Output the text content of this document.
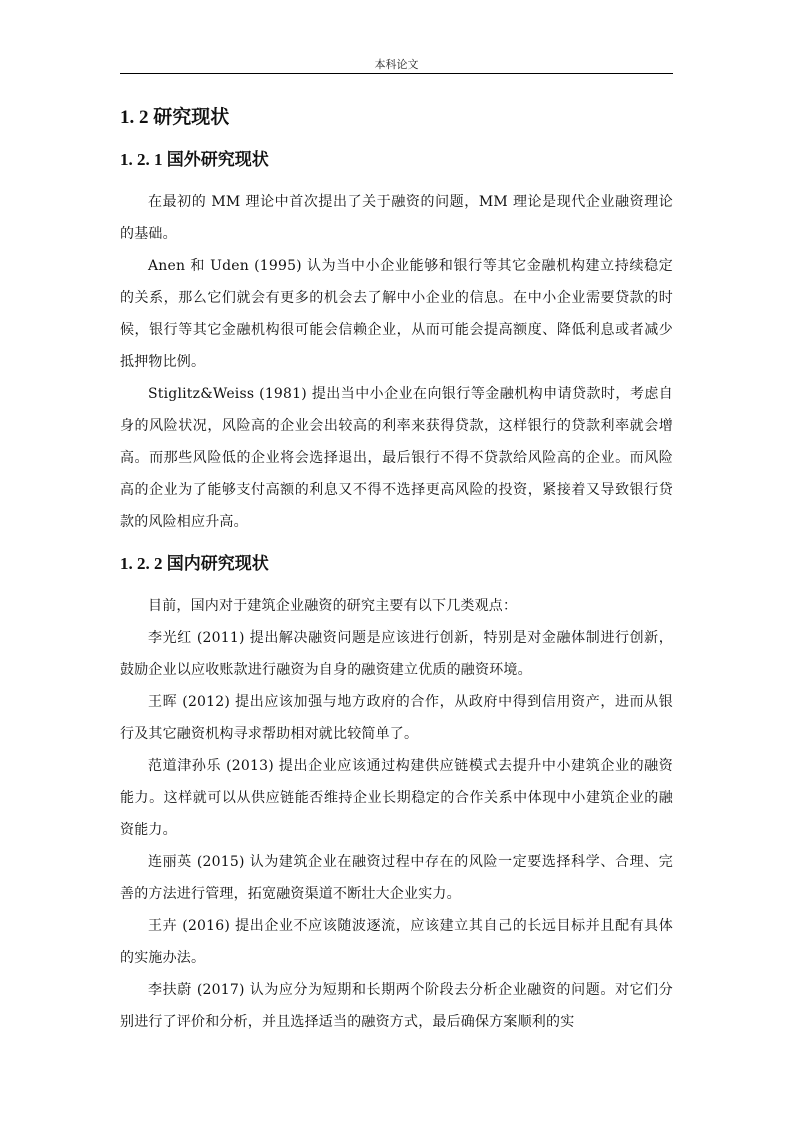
本科论文
1. 2 研究现状
1. 2. 1 国外研究现状

在最初的 MM 理论中首次提出了关于融资的问题，MM 理论是现代企业融资理论的基础。

Anen 和 Uden (1995) 认为当中小企业能够和银行等其它金融机构建立持续稳定的关系，那么它们就会有更多的机会去了解中小企业的信息。在中小企业需要贷款的时候，银行等其它金融机构很可能会信赖企业，从而可能会提高额度、降低利息或者减少抵押物比例。

Stiglitz&Weiss (1981) 提出当中小企业在向银行等金融机构申请贷款时，考虑自身的风险状况，风险高的企业会出较高的利率来获得贷款，这样银行的贷款利率就会增高。而那些风险低的企业将会选择退出，最后银行不得不贷款给风险高的企业。而风险高的企业为了能够支付高额的利息又不得不选择更高风险的投资，紧接着又导致银行贷款的风险相应升高。

1. 2. 2 国内研究现状

目前，国内对于建筑企业融资的研究主要有以下几类观点：

李光红 (2011) 提出解决融资问题是应该进行创新，特别是对金融体制进行创新，鼓励企业以应收账款进行融资为自身的融资建立优质的融资环境。

王晖 (2012) 提出应该加强与地方政府的合作，从政府中得到信用资产，进而从银行及其它融资机构寻求帮助相对就比较简单了。

范道津孙乐 (2013) 提出企业应该通过构建供应链模式去提升中小建筑企业的融资能力。这样就可以从供应链能否维持企业长期稳定的合作关系中体现中小建筑企业的融资能力。

连丽英 (2015) 认为建筑企业在融资过程中存在的风险一定要选择科学、合理、完善的方法进行管理，拓宽融资渠道不断壮大企业实力。

王卉 (2016) 提出企业不应该随波逐流，应该建立其自己的长远目标并且配有具体的实施办法。

李扶蔚 (2017) 认为应分为短期和长期两个阶段去分析企业融资的问题。对它们分别进行了评价和分析，并且选择适当的融资方式，最后确保方案顺利的实
